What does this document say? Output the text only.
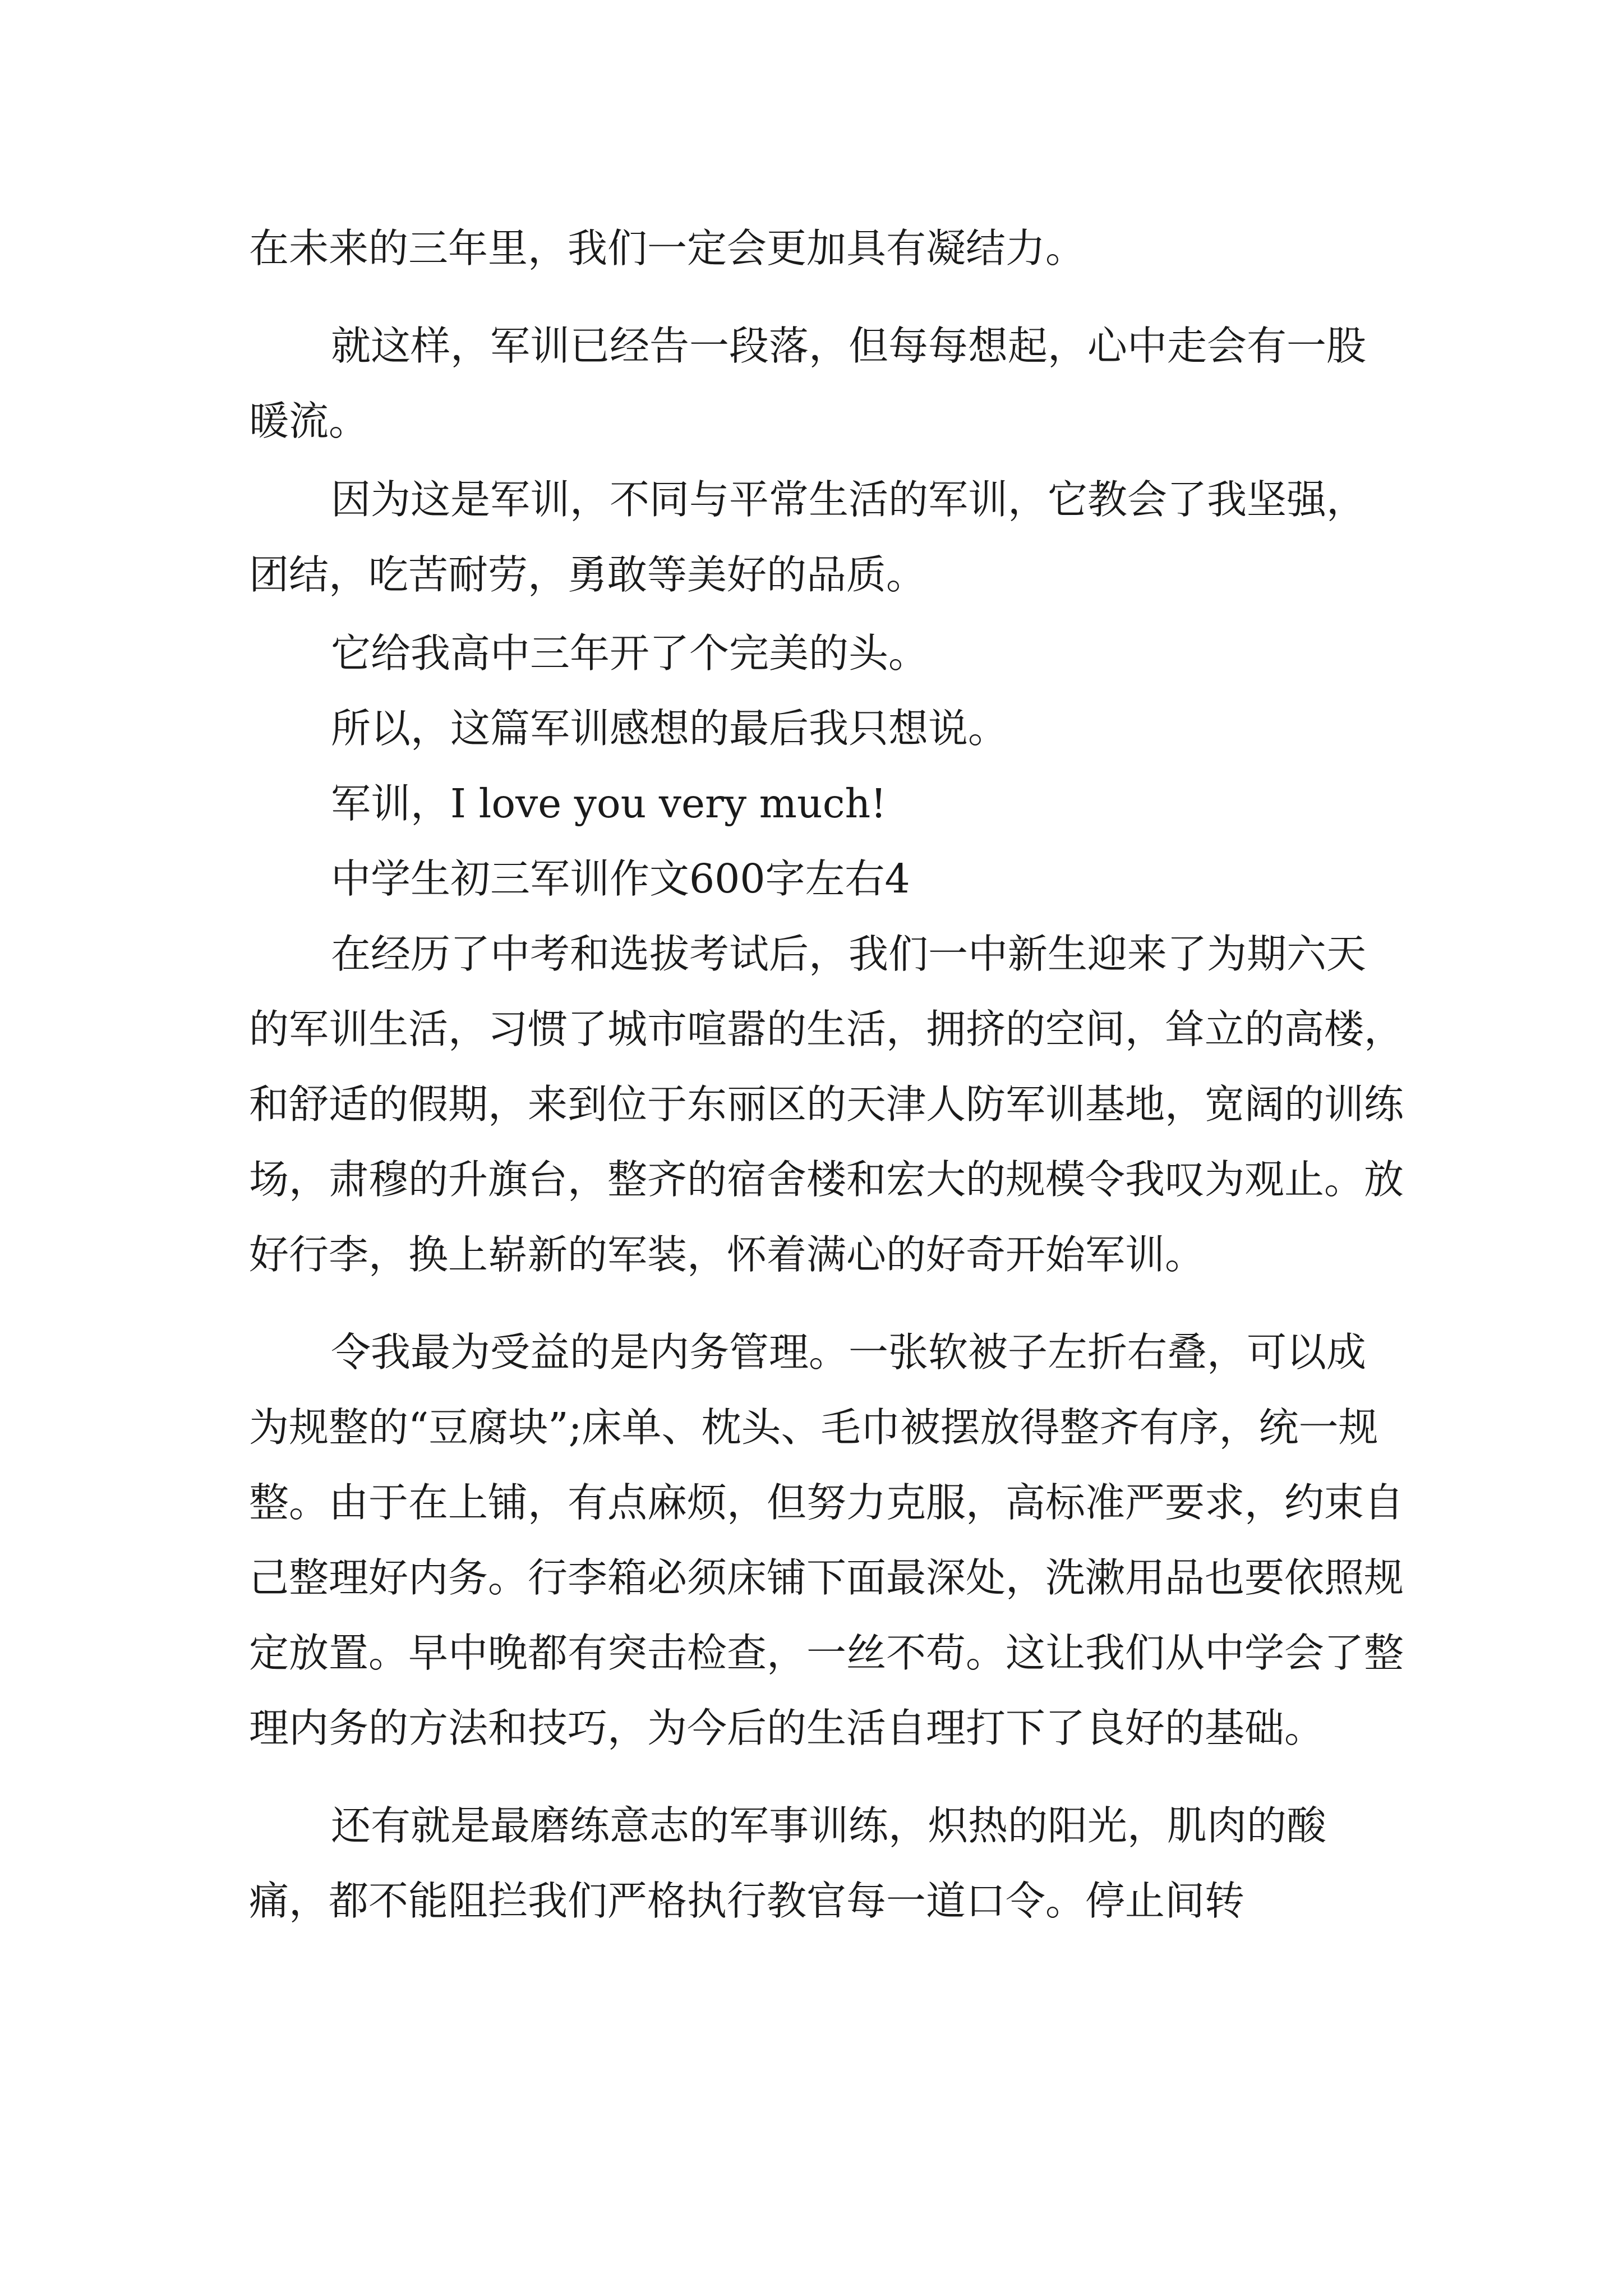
在未来的三年里，我们一定会更加具有凝结力。

就这样，军训已经告一段落，但每每想起，心中走会有一股暖流。

因为这是军训，不同与平常生活的军训，它教会了我坚强，团结，吃苦耐劳，勇敢等美好的品质。

它给我高中三年开了个完美的头。

所以，这篇军训感想的最后我只想说。

军训，I love you very much!

中学生初三军训作文600字左右4

在经历了中考和选拔考试后，我们一中新生迎来了为期六天的军训生活，习惯了城市喧嚣的生活，拥挤的空间，耸立的高楼，和舒适的假期，来到位于东丽区的天津人防军训基地，宽阔的训练场，肃穆的升旗台，整齐的宿舍楼和宏大的规模令我叹为观止。放好行李，换上崭新的军装，怀着满心的好奇开始军训。

令我最为受益的是内务管理。一张软被子左折右叠，可以成为规整的“豆腐块”;床单、枕头、毛巾被摆放得整齐有序，统一规整。由于在上铺，有点麻烦，但努力克服，高标准严要求，约束自己整理好内务。行李箱必须床铺下面最深处，洗漱用品也要依照规定放置。早中晚都有突击检查，一丝不苟。这让我们从中学会了整理内务的方法和技巧，为今后的生活自理打下了良好的基础。

还有就是最磨练意志的军事训练，炽热的阳光，肌肉的酸痛，都不能阻拦我们严格执行教官每一道口令。停止间转
